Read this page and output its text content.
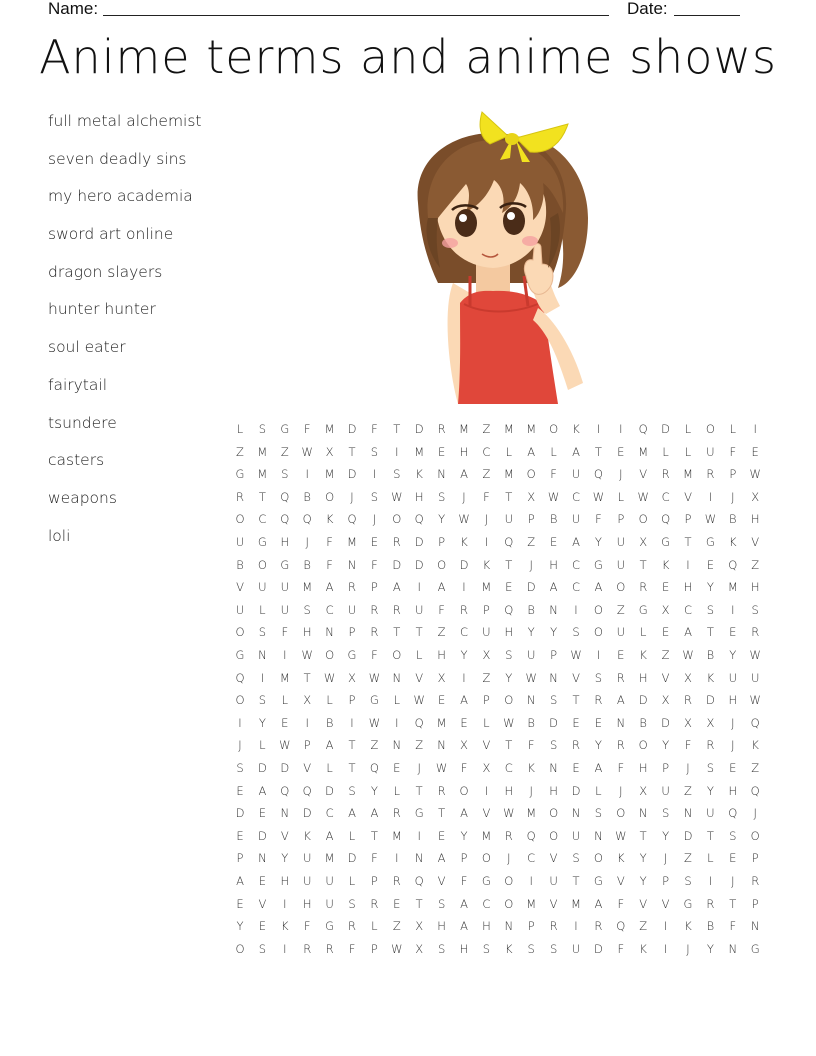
Name:	Date:
Anime terms and anime shows
full metal alchemist
seven deadly sins
my hero academia
sword art online
dragon slayers
hunter hunter
soul eater
fairytail
tsundere
casters
weapons
loli
L	S	G	F	M	D	F	T	D	R	M	Z	M	M	O	K	I	I	Q	D	L	O	L	I
Z	M	Z	W	X	T	S	I	M	E	H	C	L	A	L	A	T	E	M	L	L	U	F	E
G	M	S	I	M	D	I	S	K	N	A	Z	M	O	F	U	Q	J	V	R	M	R	P	W
R	T	Q	B	O	J	S	W	H	S	J	F	T	X	W	C	W	L	W	C	V	I	J	X
O	C	Q	Q	K	Q	J	O	Q	Y	W	J	U	P	B	U	F	P	O	Q	P	W	B	H
U	G	H	J	F	M	E	R	D	P	K	I	Q	Z	E	A	Y	U	X	G	T	G	K	V
B	O	G	B	F	N	F	D	D	O	D	K	T	J	H	C	G	U	T	K	I	E	Q	Z
V	U	U	M	A	R	P	A	I	A	I	M	E	D	A	C	A	O	R	E	H	Y	M	H
U	L	U	S	C	U	R	R	U	F	R	P	Q	B	N	I	O	Z	G	X	C	S	I	S
O	S	F	H	N	P	R	T	T	Z	C	U	H	Y	Y	S	O	U	L	E	A	T	E	R
G	N	I	W	O	G	F	O	L	H	Y	X	S	U	P	W	I	E	K	Z	W	B	Y	W
Q	I	M	T	W	X	W	N	V	X	I	Z	Y	W	N	V	S	R	H	V	X	K	U	U
O	S	L	X	L	P	G	L	W	E	A	P	O	N	S	T	R	A	D	X	R	D	H	W
I	Y	E	I	B	I	W	I	Q	M	E	L	W	B	D	E	E	N	B	D	X	X	J	Q
J	L	W	P	A	T	Z	N	Z	N	X	V	T	F	S	R	Y	R	O	Y	F	R	J	K
S	D	D	V	L	T	Q	E	J	W	F	X	C	K	N	E	A	F	H	P	J	S	E	Z
E	A	Q	Q	D	S	Y	L	T	R	O	I	H	J	H	D	L	J	X	U	Z	Y	H	Q
D	E	N	D	C	A	A	R	G	T	A	V	W	M	O	N	S	O	N	S	N	U	Q	J
E	D	V	K	A	L	T	M	I	E	Y	M	R	Q	O	U	N	W	T	Y	D	T	S	O
P	N	Y	U	M	D	F	I	N	A	P	O	J	C	V	S	O	K	Y	J	Z	L	E	P
A	E	H	U	U	L	P	R	Q	V	F	G	O	I	U	T	G	V	Y	P	S	I	J	R
E	V	I	H	U	S	R	E	T	S	A	C	O	M	V	M	A	F	V	V	G	R	T	P
Y	E	K	F	G	R	L	Z	X	H	A	H	N	P	R	I	R	Q	Z	I	K	B	F	N
O	S	I	R	R	F	P	W	X	S	H	S	K	S	S	U	D	F	K	I	J	Y	N	G
